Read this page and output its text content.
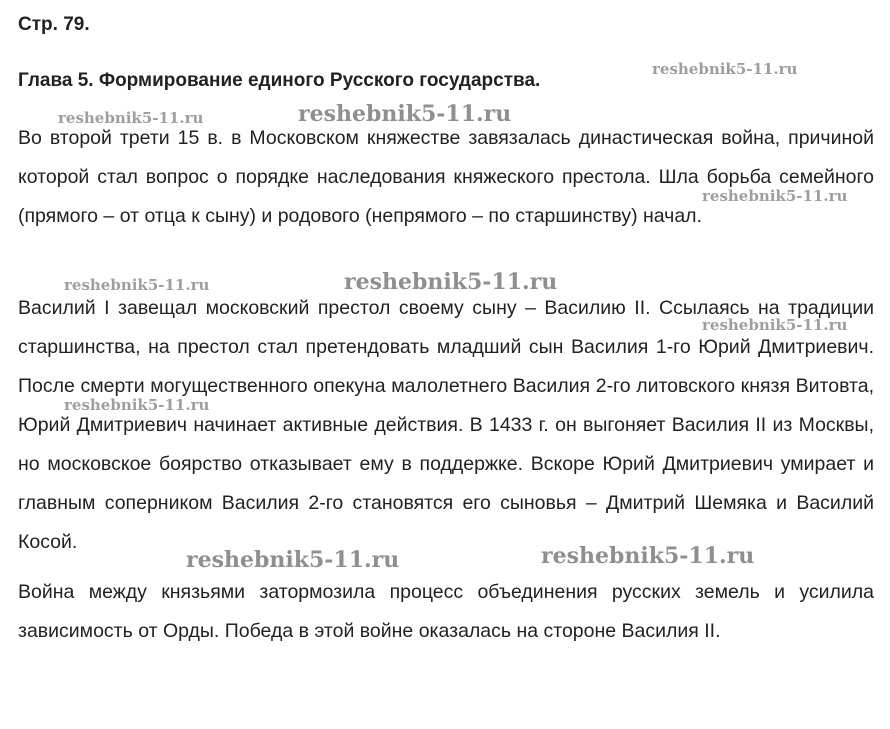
Стр. 79.
Глава 5. Формирование единого Русского государства.

Во второй трети 15 в. в Московском княжестве завязалась династическая война, причиной которой стал вопрос о порядке наследования княжеского престола. Шла борьба семейного (прямого – от отца к сыну) и родового (непрямого – по старшинству) начал.

Василий I завещал московский престол своему сыну – Василию II. Ссылаясь на традиции старшинства, на престол стал претендовать младший сын Василия 1-го Юрий Дмитриевич. После смерти могущественного опекуна малолетнего Василия 2-го литовского князя Витовта, Юрий Дмитриевич начинает активные действия. В 1433 г. он выгоняет Василия II из Москвы, но московское боярство отказывает ему в поддержке. Вскоре Юрий Дмитриевич умирает и главным соперником Василия 2-го становятся его сыновья – Дмитрий Шемяка и Василий Косой.

Война между князьями затормозила процесс объединения русских земель и усилила зависимость от Орды. Победа в этой войне оказалась на стороне Василия II.

reshebnik5-11.ru
reshebnik5-11.ru	reshebnik5-11.ru
reshebnik5-11.ru
reshebnik5-11.ru	reshebnik5-11.ru
reshebnik5-11.ru
reshebnik5-11.ru
reshebnik5-11.ru	reshebnik5-11.ru
